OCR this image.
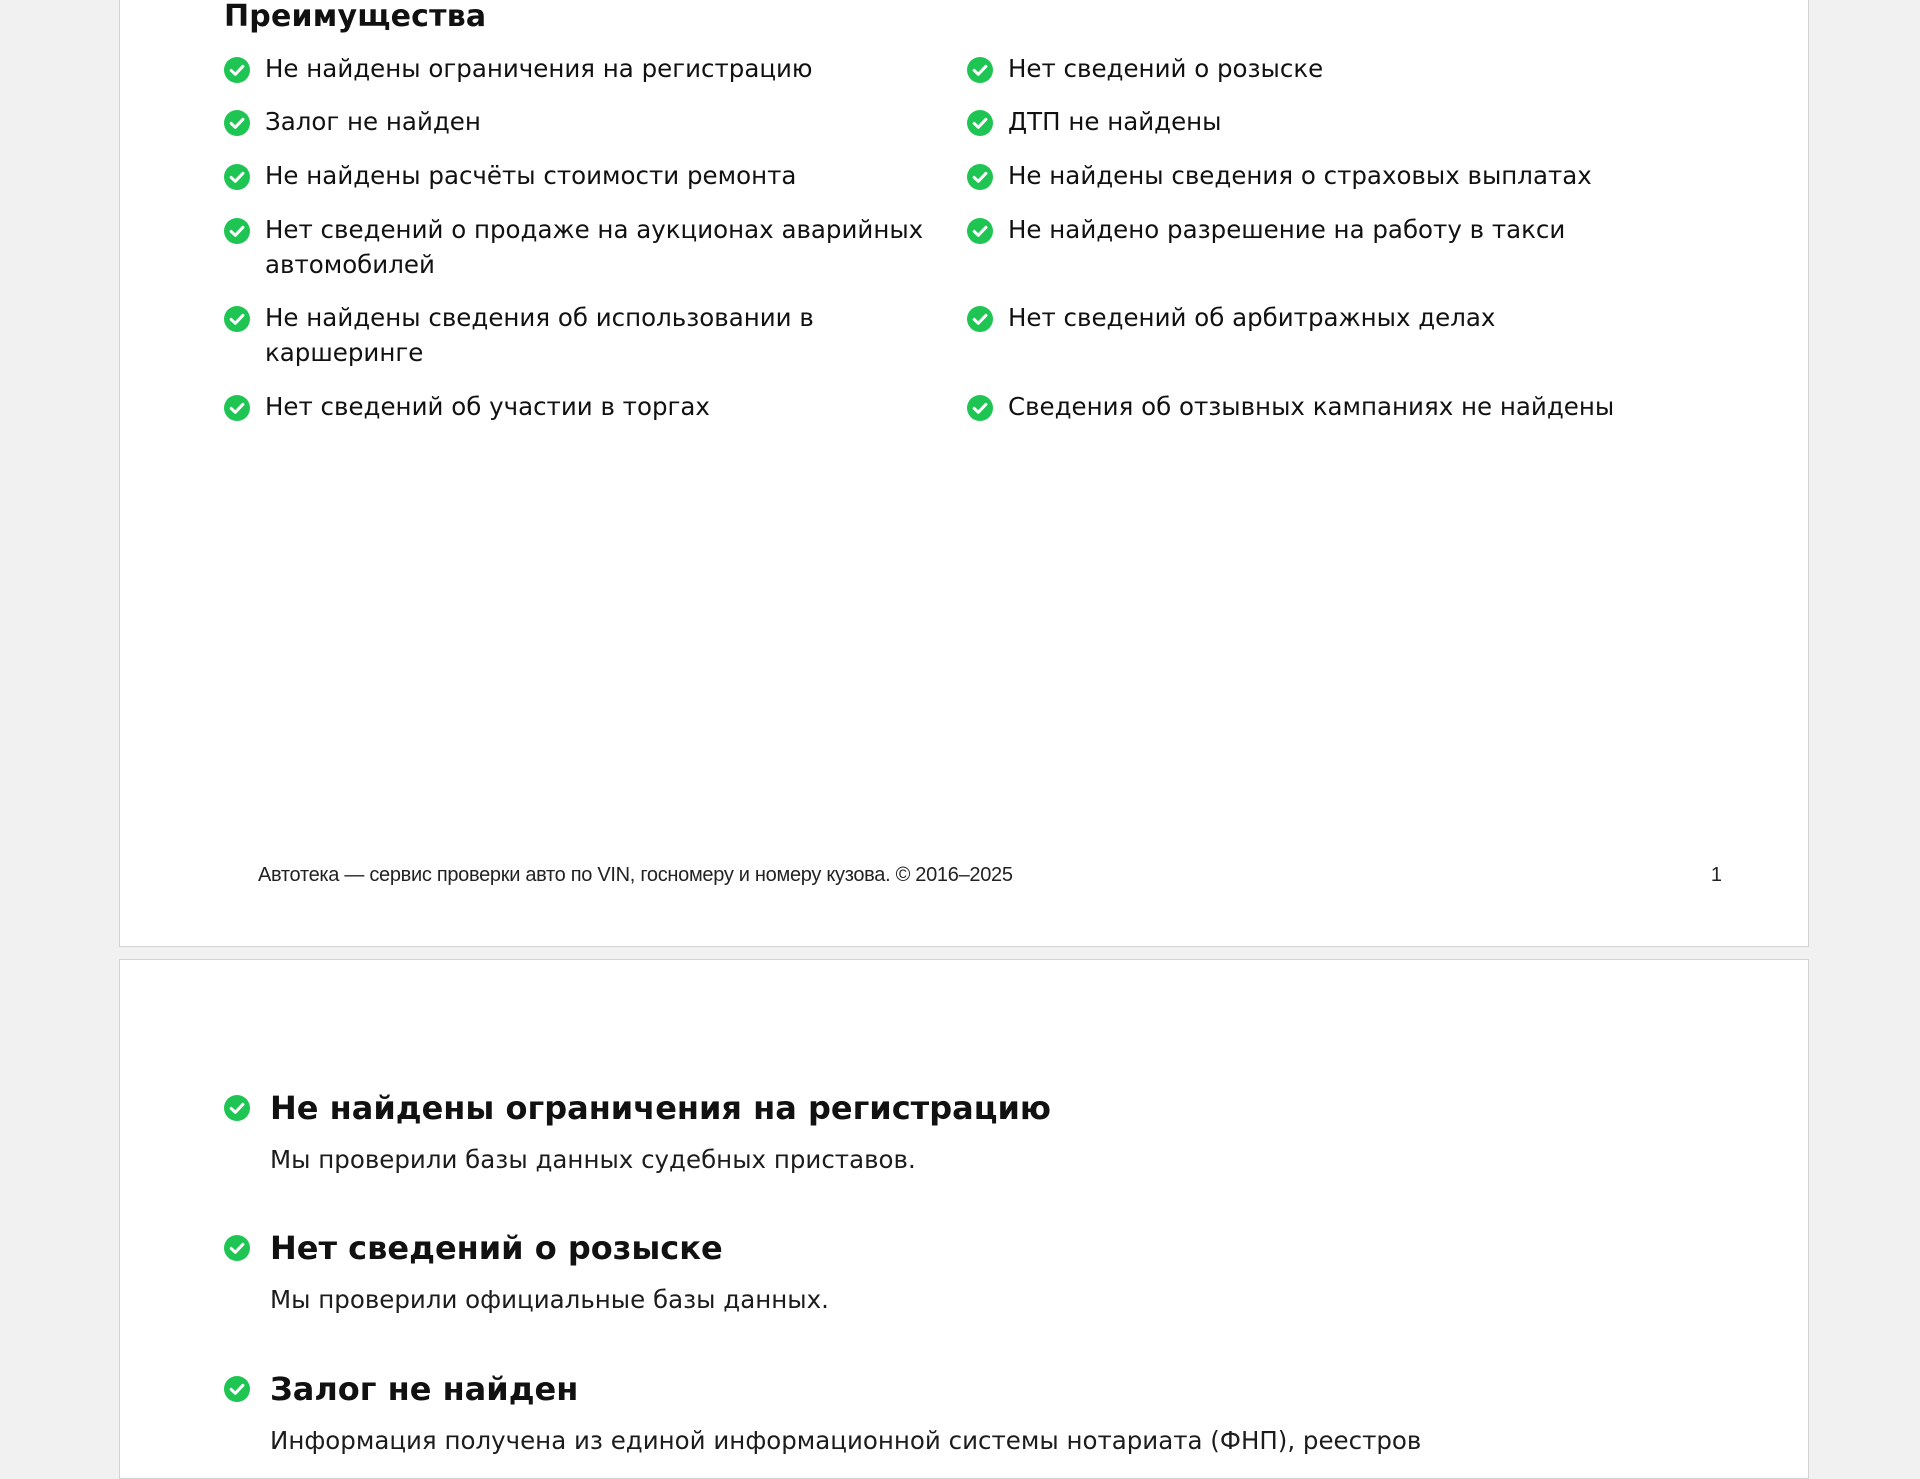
Преимущества
Не найдены ограничения на регистрацию
Залог не найден
Не найдены расчёты стоимости ремонта
Нет сведений о продаже на аукционах аварийных автомобилей
Не найдены сведения об использовании в каршеринге
Нет сведений об участии в торгах
Нет сведений о розыске
ДТП не найдены
Не найдены сведения о страховых выплатах
Не найдено разрешение на работу в такси
Нет сведений об арбитражных делах
Сведения об отзывных кампаниях не найдены
Автотека — сервис проверки авто по VIN, госномеру и номеру кузова. © 2016–2025	1
Не найдены ограничения на регистрацию
Мы проверили базы данных судебных приставов.
Нет сведений о розыске
Мы проверили официальные базы данных.
Залог не найден
Информация получена из единой информационной системы нотариата (ФНП), реестров
